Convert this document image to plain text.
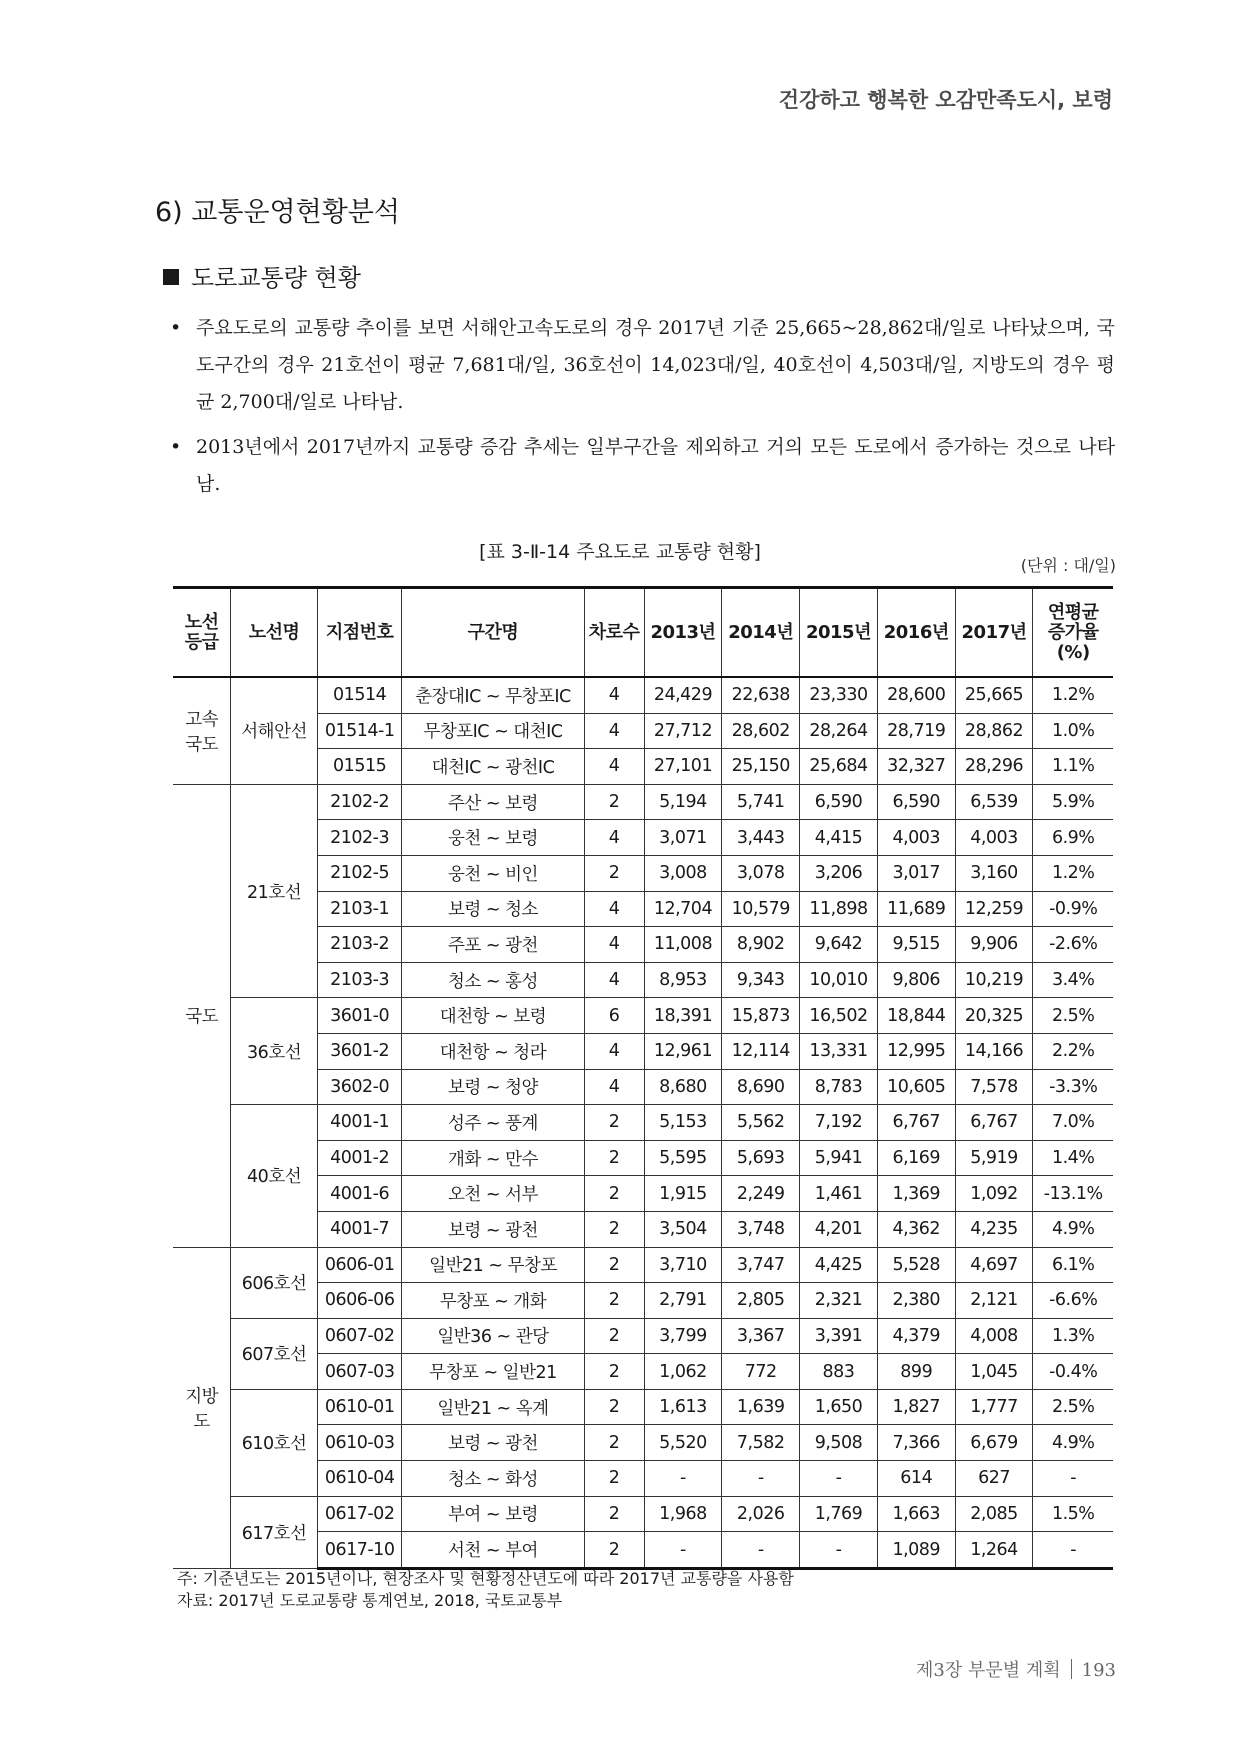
건강하고 행복한 오감만족도시, 보령
6) 교통운영현황분석
도로교통량 현황
• 주요도로의 교통량 추이를 보면 서해안고속도로의 경우 2017년 기준 25,665~28,862대/일로 나타났으며, 국도구간의 경우 21호선이 평균 7,681대/일, 36호선이 14,023대/일, 40호선이 4,503대/일, 지방도의 경우 평균 2,700대/일로 나타남.
• 2013년에서 2017년까지 교통량 증감 추세는 일부구간을 제외하고 거의 모든 도로에서 증가하는 것으로 나타남.
[표 3-Ⅱ-14 주요도로 교통량 현황]
(단위 : 대/일)
노선
등급	노선명	지점번호	구간명	차로수	2013년	2014년	2015년	2016년	2017년	연평균
증가율
(%)
고속
국도	서해안선	01514	춘장대IC ~ 무창포IC	4	24,429	22,638	23,330	28,600	25,665	1.2%
		01514-1	무창포IC ~ 대천IC	4	27,712	28,602	28,264	28,719	28,862	1.0%
		01515	대천IC ~ 광천IC	4	27,101	25,150	25,684	32,327	28,296	1.1%
국도	21호선	2102-2	주산 ~ 보령	2	5,194	5,741	6,590	6,590	6,539	5.9%
		2102-3	웅천 ~ 보령	4	3,071	3,443	4,415	4,003	4,003	6.9%
		2102-5	웅천 ~ 비인	2	3,008	3,078	3,206	3,017	3,160	1.2%
		2103-1	보령 ~ 청소	4	12,704	10,579	11,898	11,689	12,259	-0.9%
		2103-2	주포 ~ 광천	4	11,008	8,902	9,642	9,515	9,906	-2.6%
		2103-3	청소 ~ 홍성	4	8,953	9,343	10,010	9,806	10,219	3.4%
	36호선	3601-0	대천항 ~ 보령	6	18,391	15,873	16,502	18,844	20,325	2.5%
		3601-2	대천항 ~ 청라	4	12,961	12,114	13,331	12,995	14,166	2.2%
		3602-0	보령 ~ 청양	4	8,680	8,690	8,783	10,605	7,578	-3.3%
	40호선	4001-1	성주 ~ 풍계	2	5,153	5,562	7,192	6,767	6,767	7.0%
		4001-2	개화 ~ 만수	2	5,595	5,693	5,941	6,169	5,919	1.4%
		4001-6	오천 ~ 서부	2	1,915	2,249	1,461	1,369	1,092	-13.1%
		4001-7	보령 ~ 광천	2	3,504	3,748	4,201	4,362	4,235	4.9%
지방
도	606호선	0606-01	일반21 ~ 무창포	2	3,710	3,747	4,425	5,528	4,697	6.1%
		0606-06	무창포 ~ 개화	2	2,791	2,805	2,321	2,380	2,121	-6.6%
	607호선	0607-02	일반36 ~ 관당	2	3,799	3,367	3,391	4,379	4,008	1.3%
		0607-03	무창포 ~ 일반21	2	1,062	772	883	899	1,045	-0.4%
	610호선	0610-01	일반21 ~ 옥계	2	1,613	1,639	1,650	1,827	1,777	2.5%
		0610-03	보령 ~ 광천	2	5,520	7,582	9,508	7,366	6,679	4.9%
		0610-04	청소 ~ 화성	2	-	-	-	614	627	-
	617호선	0617-02	부여 ~ 보령	2	1,968	2,026	1,769	1,663	2,085	1.5%
		0617-10	서천 ~ 부여	2	-	-	-	1,089	1,264	-
주: 기준년도는 2015년이나, 현장조사 및 현황정산년도에 따라 2017년 교통량을 사용함
자료: 2017년 도로교통량 통계연보, 2018, 국토교통부
제3장 부문별 계획 193
